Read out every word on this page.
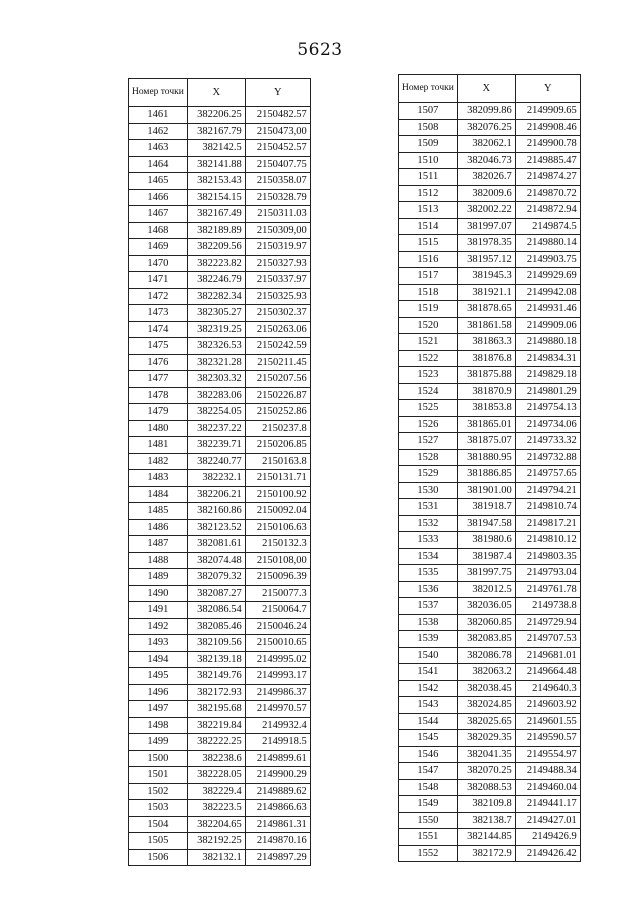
5623
Номер точки	X	Y
1461	382206.25	2150482.57
1462	382167.79	2150473,00
1463	382142.5	2150452.57
1464	382141.88	2150407.75
1465	382153.43	2150358.07
1466	382154.15	2150328.79
1467	382167.49	2150311.03
1468	382189.89	2150309,00
1469	382209.56	2150319.97
1470	382223.82	2150327.93
1471	382246.79	2150337.97
1472	382282.34	2150325.93
1473	382305.27	2150302.37
1474	382319.25	2150263.06
1475	382326.53	2150242.59
1476	382321.28	2150211.45
1477	382303.32	2150207.56
1478	382283.06	2150226.87
1479	382254.05	2150252.86
1480	382237.22	2150237.8
1481	382239.71	2150206.85
1482	382240.77	2150163.8
1483	382232.1	2150131.71
1484	382206.21	2150100.92
1485	382160.86	2150092.04
1486	382123.52	2150106.63
1487	382081.61	2150132.3
1488	382074.48	2150108,00
1489	382079.32	2150096.39
1490	382087.27	2150077.3
1491	382086.54	2150064.7
1492	382085.46	2150046.24
1493	382109.56	2150010.65
1494	382139.18	2149995.02
1495	382149.76	2149993.17
1496	382172.93	2149986.37
1497	382195.68	2149970.57
1498	382219.84	2149932.4
1499	382222.25	2149918.5
1500	382238.6	2149899.61
1501	382228.05	2149900.29
1502	382229.4	2149889.62
1503	382223.5	2149866.63
1504	382204.65	2149861.31
1505	382192.25	2149870.16
1506	382132.1	2149897.29
Номер точки	X	Y
1507	382099.86	2149909.65
1508	382076.25	2149908.46
1509	382062.1	2149900.78
1510	382046.73	2149885.47
1511	382026.7	2149874.27
1512	382009.6	2149870.72
1513	382002.22	2149872.94
1514	381997.07	2149874.5
1515	381978.35	2149880.14
1516	381957.12	2149903.75
1517	381945.3	2149929.69
1518	381921.1	2149942.08
1519	381878.65	2149931.46
1520	381861.58	2149909.06
1521	381863.3	2149880.18
1522	381876.8	2149834.31
1523	381875.88	2149829.18
1524	381870.9	2149801.29
1525	381853.8	2149754.13
1526	381865.01	2149734.06
1527	381875.07	2149733.32
1528	381880.95	2149732.88
1529	381886.85	2149757.65
1530	381901.00	2149794.21
1531	381918.7	2149810.74
1532	381947.58	2149817.21
1533	381980.6	2149810.12
1534	381987.4	2149803.35
1535	381997.75	2149793.04
1536	382012.5	2149761.78
1537	382036.05	2149738.8
1538	382060.85	2149729.94
1539	382083.85	2149707.53
1540	382086.78	2149681.01
1541	382063.2	2149664.48
1542	382038.45	2149640.3
1543	382024.85	2149603.92
1544	382025.65	2149601.55
1545	382029.35	2149590.57
1546	382041.35	2149554.97
1547	382070.25	2149488.34
1548	382088.53	2149460.04
1549	382109.8	2149441.17
1550	382138.7	2149427.01
1551	382144.85	2149426.9
1552	382172.9	2149426.42
